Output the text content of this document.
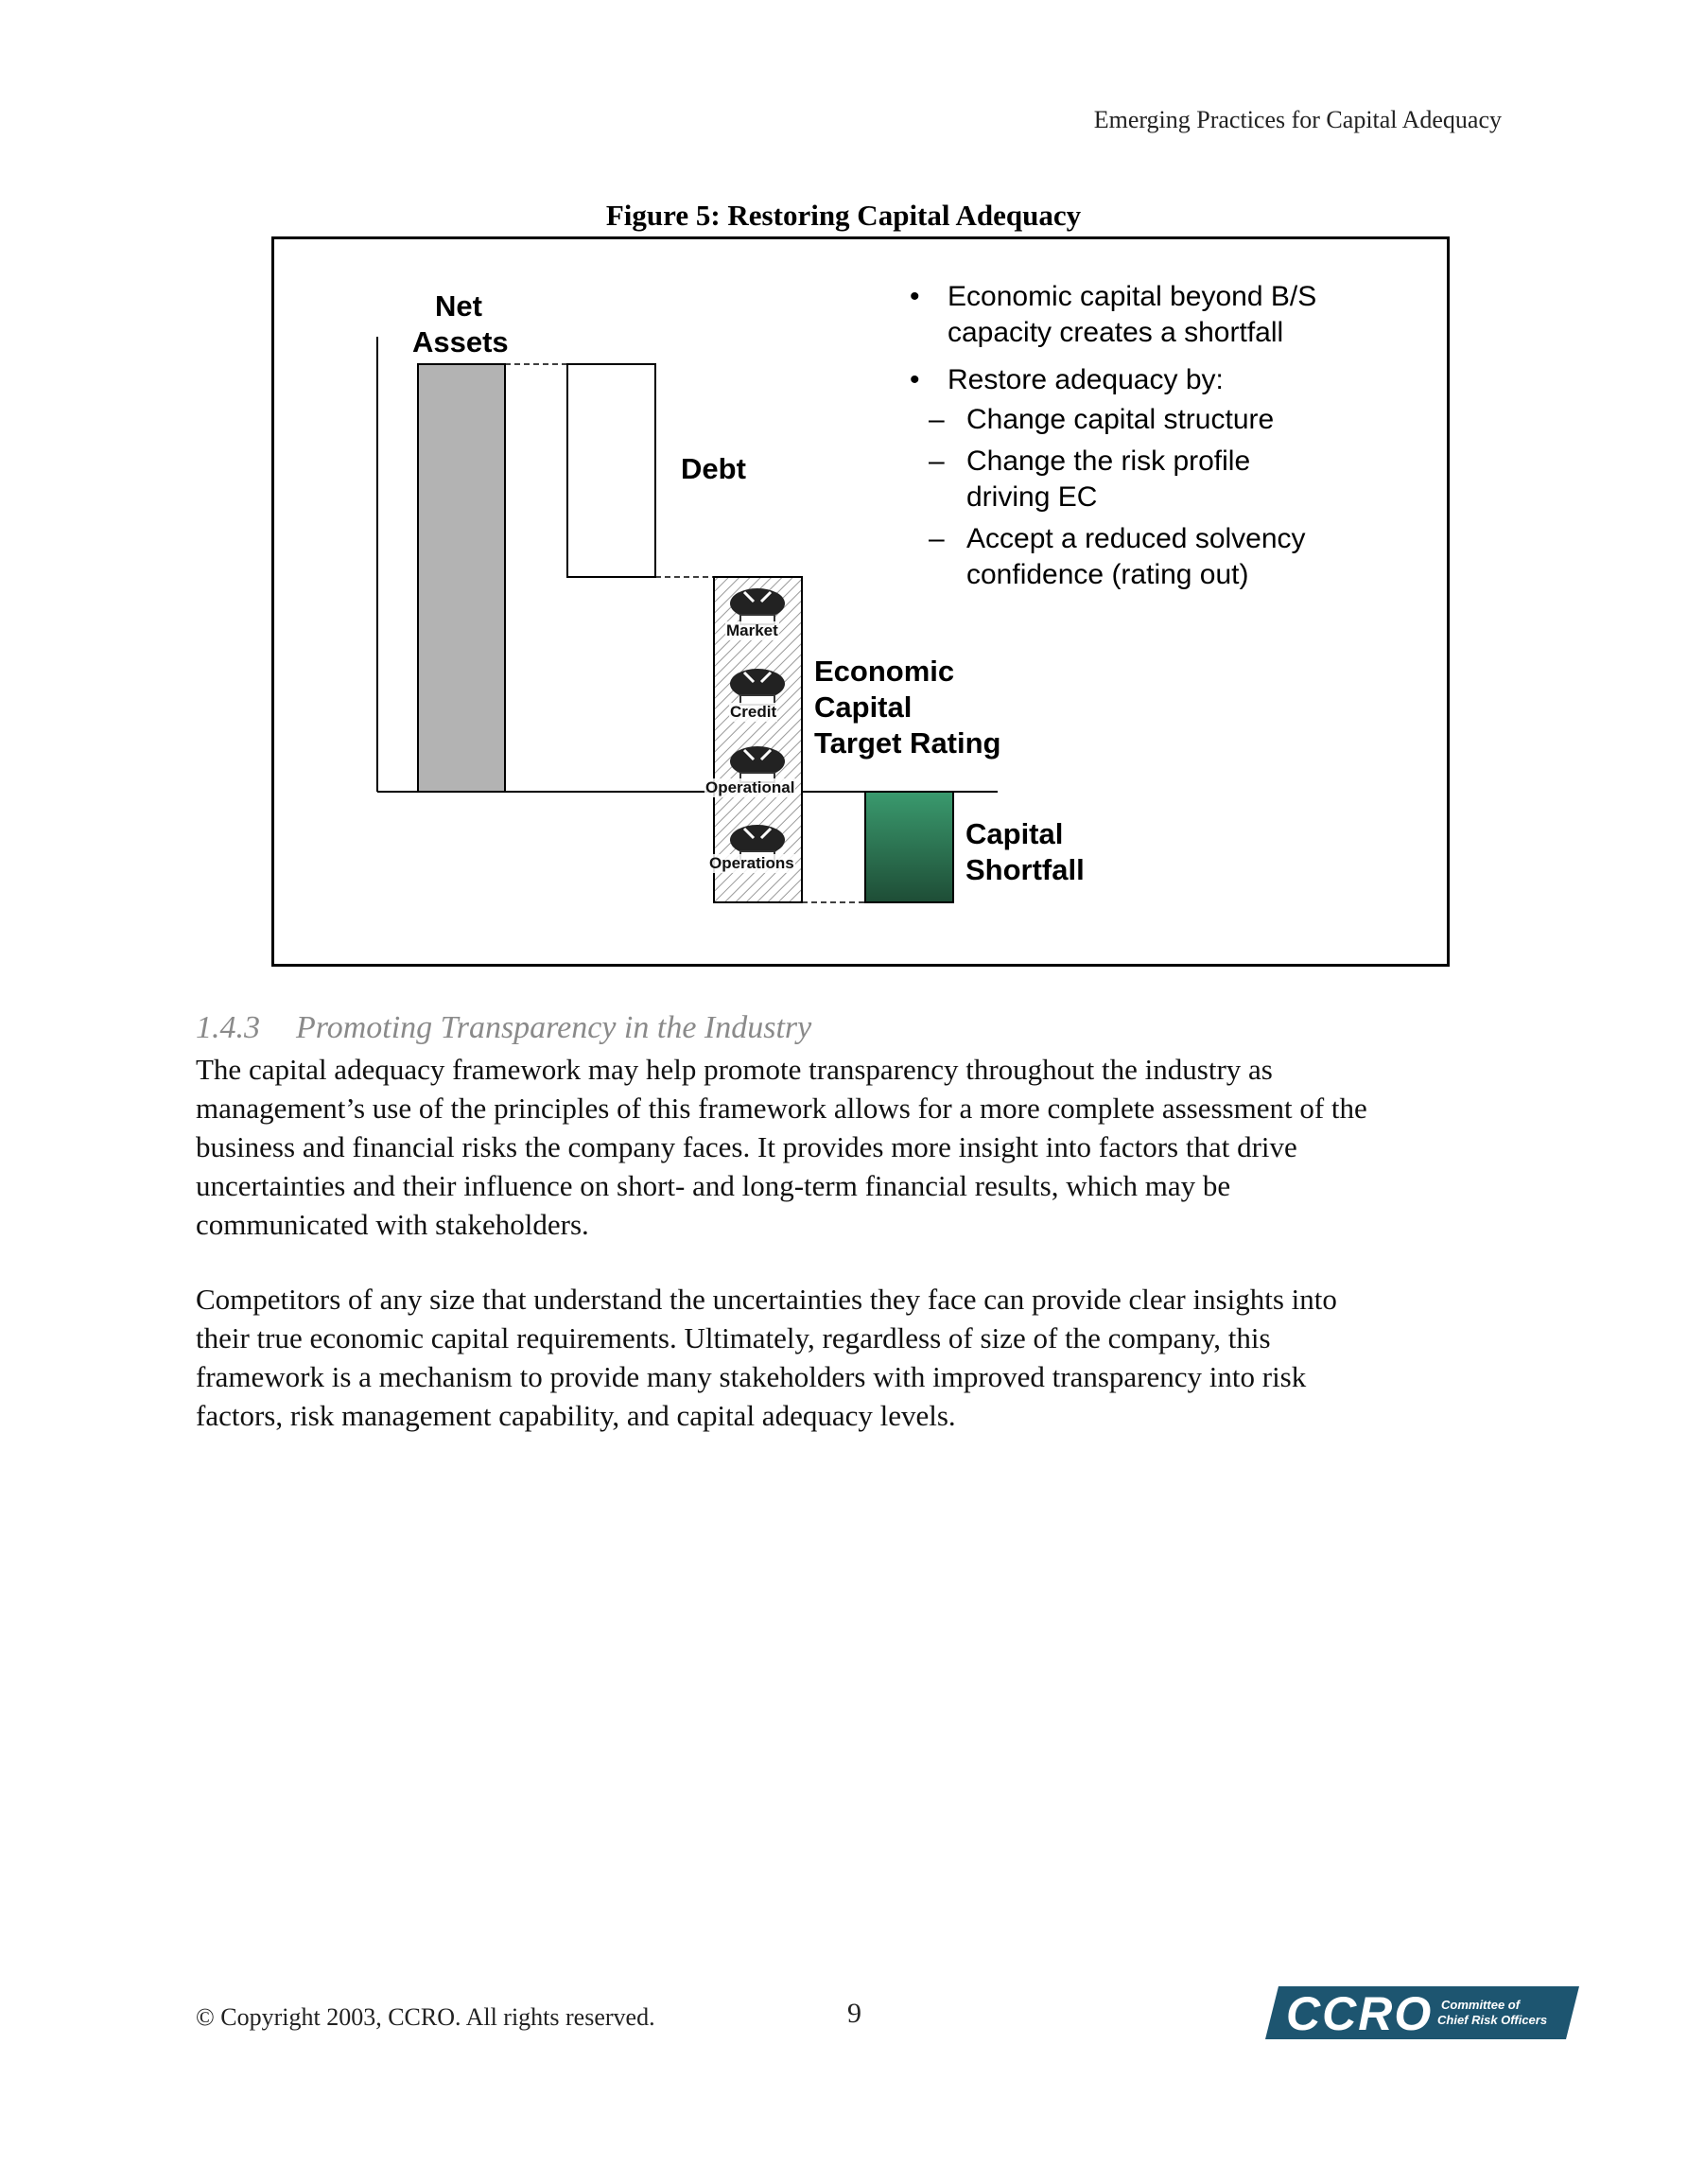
Emerging Practices for Capital Adequacy
Figure 5: Restoring Capital Adequacy
Net
Assets
Debt
Economic
Capital
Target Rating
Capital
Shortfall
Market
Credit
Operational
Operations
• Economic capital beyond B/S
capacity creates a shortfall
• Restore adequacy by:
– Change capital structure
– Change the risk profile
driving EC
– Accept a reduced solvency
confidence (rating out)
1.4.3 Promoting Transparency in the Industry
The capital adequacy framework may help promote transparency throughout the industry as
management’s use of the principles of this framework allows for a more complete assessment of the
business and financial risks the company faces. It provides more insight into factors that drive
uncertainties and their influence on short- and long-term financial results, which may be
communicated with stakeholders.
Competitors of any size that understand the uncertainties they face can provide clear insights into
their true economic capital requirements. Ultimately, regardless of size of the company, this
framework is a mechanism to provide many stakeholders with improved transparency into risk
factors, risk management capability, and capital adequacy levels.
© Copyright 2003, CCRO. All rights reserved.	9	CCRO Committee of
Chief Risk Officers
